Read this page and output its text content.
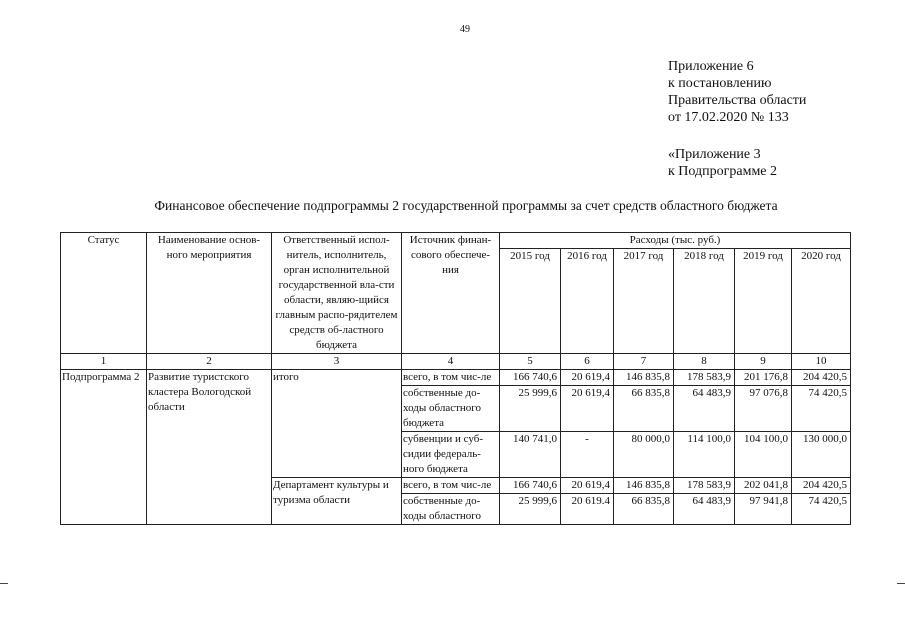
49
Приложение 6
к постановлению
Правительства области
от 17.02.2020 № 133
«Приложение 3
к Подпрограмме 2
Финансовое обеспечение подпрограммы 2 государственной программы за счет средств областного бюджета
Статус	Наименование основ-ного мероприятия	Ответственный испол-нитель, исполнитель, орган исполнительной государственной вла-сти области, являю-щийся главным распо-рядителем средств об-ластного бюджета	Источник финан-сового обеспече-ния	Расходы (тыс. руб.)					
				2015 год	2016 год	2017 год	2018 год	2019 год	2020 год
1	2	3	4	5	6	7	8	9	10
Подпрограмма 2	Развитие туристского кластера Вологодской области	итого	всего, в том чис-ле	166 740,6	20 619,4	146 835,8	178 583,9	201 176,8	204 420,5
			собственные до-ходы областного бюджета	25 999,6	20 619,4	66 835,8	64 483,9	97 076,8	74 420,5
			субвенции и суб-сидии федераль-ного бюджета	140 741,0	-	80 000,0	114 100,0	104 100,0	130 000,0
		Департамент культуры и туризма области	всего, в том чис-ле	166 740,6	20 619,4	146 835,8	178 583,9	202 041,8	204 420,5
			собственные до-ходы областного	25 999,6	20 619.4	66 835,8	64 483,9	97 941,8	74 420,5
